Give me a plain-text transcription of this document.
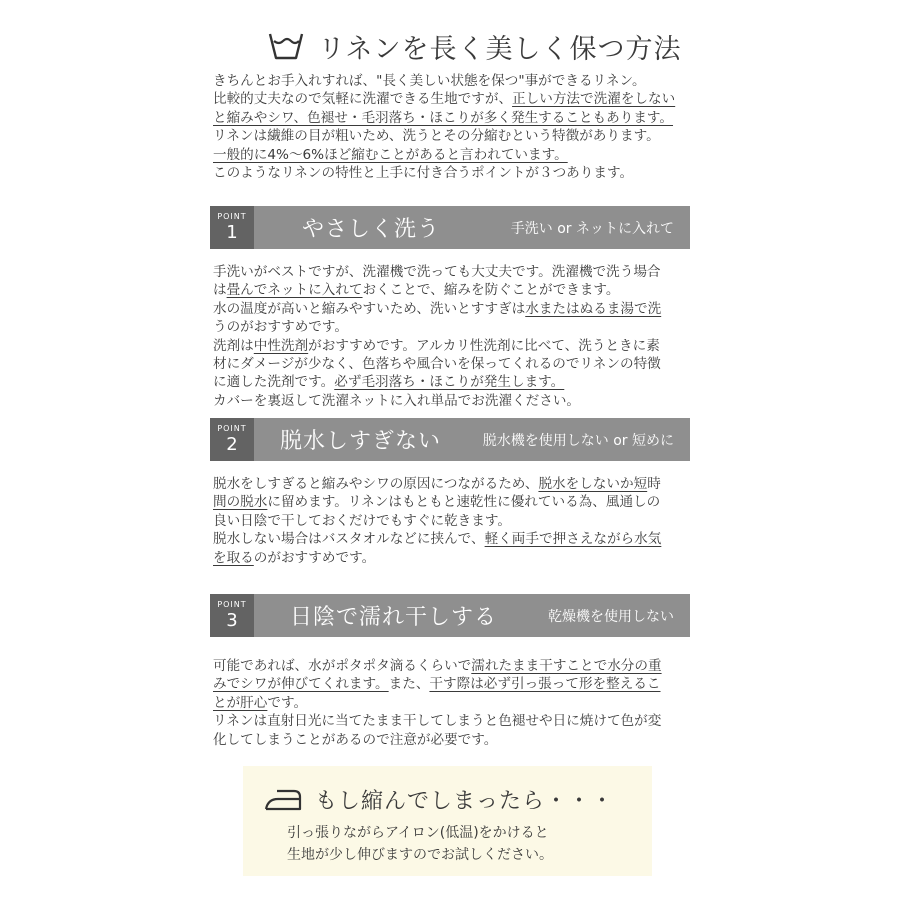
リネンを長く美しく保つ方法

きちんとお手入れすれば、"長く美しい状態を保つ"事ができるリネン。

比較的丈夫なので気軽に洗濯できる生地ですが、正しい方法で洗濯をしない

と縮みやシワ、色褪せ・毛羽落ち・ほこりが多く発生することもあります。

リネンは繊維の目が粗いため、洗うとその分縮むという特徴があります。

一般的に4%〜6%ほど縮むことがあると言われています。

このようなリネンの特性と上手に付き合うポイントが３つあります。

POINT
1	やさしく洗う	手洗い or ネットに入れて

手洗いがベストですが、洗濯機で洗っても大丈夫です。洗濯機で洗う場合

は畳んでネットに入れておくことで、縮みを防ぐことができます。

水の温度が高いと縮みやすいため、洗いとすすぎは水またはぬるま湯で洗

うのがおすすめです。

洗剤は中性洗剤がおすすめです。アルカリ性洗剤に比べて、洗うときに素

材にダメージが少なく、色落ちや風合いを保ってくれるのでリネンの特徴

に適した洗剤です。必ず毛羽落ち・ほこりが発生します。

カバーを裏返して洗濯ネットに入れ単品でお洗濯ください。

POINT
2 脱水しすぎない	脱水機を使用しない or 短めに

脱水をしすぎると縮みやシワの原因につながるため、脱水をしないか短時

間の脱水に留めます。リネンはもともと速乾性に優れている為、風通しの

良い日陰で干しておくだけでもすぐに乾きます。

脱水しない場合はバスタオルなどに挟んで、軽く両手で押さえながら水気

を取るのがおすすめです。

POINT
3 日陰で濡れ干しする	乾燥機を使用しない

可能であれば、水がポタポタ滴るくらいで濡れたまま干すことで水分の重

みでシワが伸びてくれます。また、干す際は必ず引っ張って形を整えるこ

とが肝心です。

リネンは直射日光に当てたまま干してしまうと色褪せや日に焼けて色が変

化してしまうことがあるので注意が必要です。

もし縮んでしまったら・・・

引っ張りながらアイロン(低温)をかけると

生地が少し伸びますのでお試しください。
